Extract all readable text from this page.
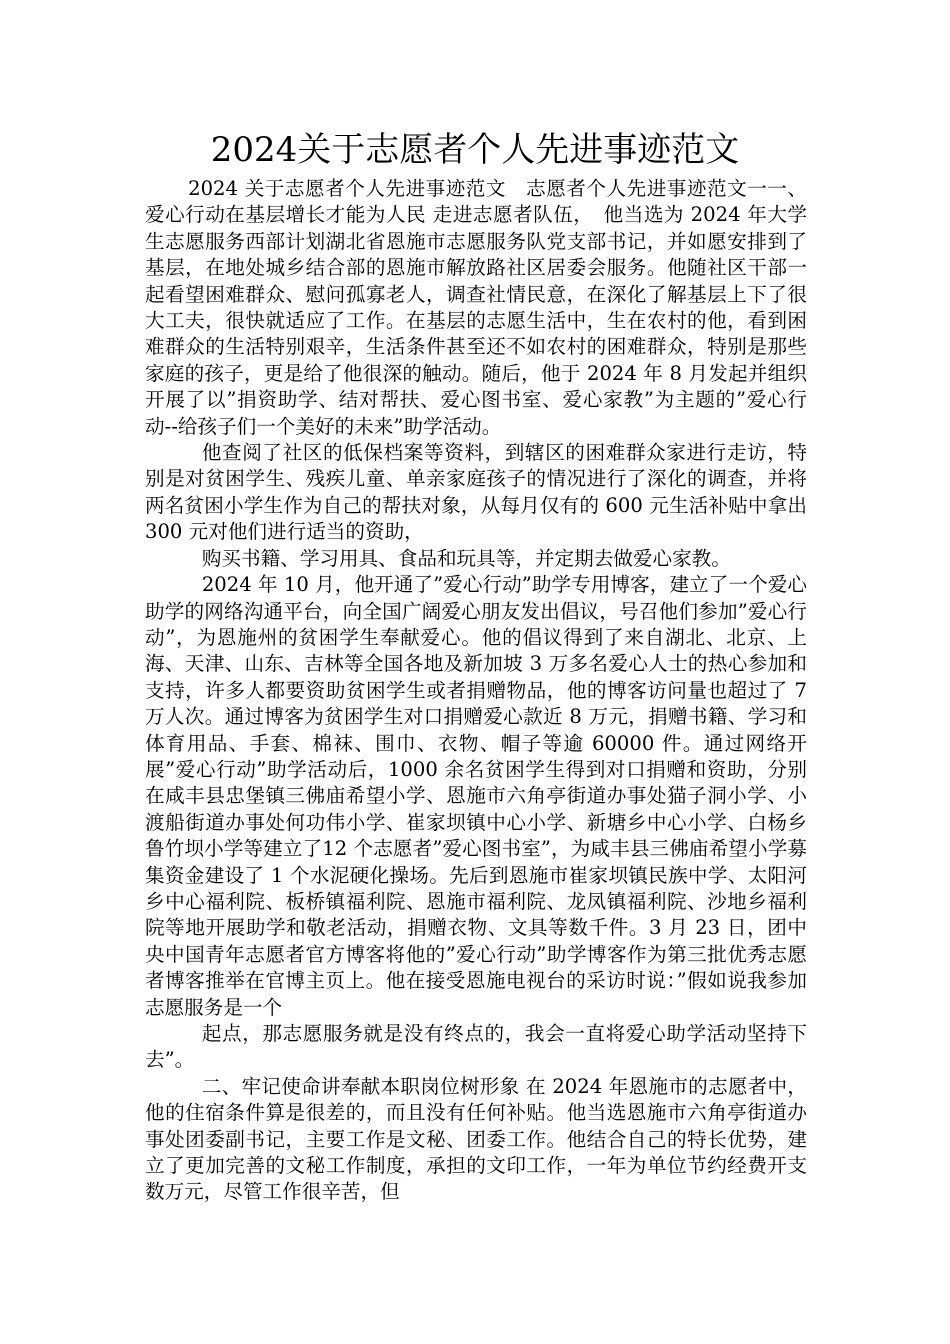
2024关于志愿者个人先进事迹范文

2024 关于志愿者个人先进事迹范文　志愿者个人先进事迹范文一一、爱心行动在基层增长才能为人民 走进志愿者队伍，　他当选为 2024 年大学生志愿服务西部计划湖北省恩施市志愿服务队党支部书记，并如愿安排到了基层，在地处城乡结合部的恩施市解放路社区居委会服务。他随社区干部一起看望困难群众、慰问孤寡老人，调查社情民意，在深化了解基层上下了很大工夫，很快就适应了工作。在基层的志愿生活中，生在农村的他，看到困难群众的生活特别艰辛，生活条件甚至还不如农村的困难群众，特别是那些家庭的孩子，更是给了他很深的触动。随后，他于 2024 年 8 月发起并组织开展了以”捐资助学、结对帮扶、爱心图书室、爱心家教”为主题的”爱心行动--给孩子们一个美好的未来”助学活动。

他查阅了社区的低保档案等资料，到辖区的困难群众家进行走访，特别是对贫困学生、残疾儿童、单亲家庭孩子的情况进行了深化的调查，并将两名贫困小学生作为自己的帮扶对象，从每月仅有的 600 元生活补贴中拿出 300 元对他们进行适当的资助，

购买书籍、学习用具、食品和玩具等，并定期去做爱心家教。

2024 年 10 月，他开通了”爱心行动”助学专用博客，建立了一个爱心助学的网络沟通平台，向全国广阔爱心朋友发出倡议，号召他们参加”爱心行动”，为恩施州的贫困学生奉献爱心。他的倡议得到了来自湖北、北京、上海、天津、山东、吉林等全国各地及新加坡 3 万多名爱心人士的热心参加和支持，许多人都要资助贫困学生或者捐赠物品，他的博客访问量也超过了 7 万人次。通过博客为贫困学生对口捐赠爱心款近 8 万元，捐赠书籍、学习和体育用品、手套、棉袜、围巾、衣物、帽子等逾 60000 件。通过网络开展”爱心行动”助学活动后，1000 余名贫困学生得到对口捐赠和资助，分别在咸丰县忠堡镇三佛庙希望小学、恩施市六角亭街道办事处猫子洞小学、小渡船街道办事处何功伟小学、崔家坝镇中心小学、新塘乡中心小学、白杨乡鲁竹坝小学等建立了12 个志愿者”爱心图书室”，为咸丰县三佛庙希望小学募集资金建设了 1 个水泥硬化操场。先后到恩施市崔家坝镇民族中学、太阳河乡中心福利院、板桥镇福利院、恩施市福利院、龙凤镇福利院、沙地乡福利院等地开展助学和敬老活动，捐赠衣物、文具等数千件。3 月 23 日，团中央中国青年志愿者官方博客将他的”爱心行动”助学博客作为第三批优秀志愿者博客推举在官博主页上。他在接受恩施电视台的采访时说：”假如说我参加志愿服务是一个

起点，那志愿服务就是没有终点的，我会一直将爱心助学活动坚持下去”。

二、牢记使命讲奉献本职岗位树形象 在 2024 年恩施市的志愿者中，他的住宿条件算是很差的，而且没有任何补贴。他当选恩施市六角亭街道办事处团委副书记，主要工作是文秘、团委工作。他结合自己的特长优势，建立了更加完善的文秘工作制度，承担的文印工作，一年为单位节约经费开支数万元，尽管工作很辛苦，但
